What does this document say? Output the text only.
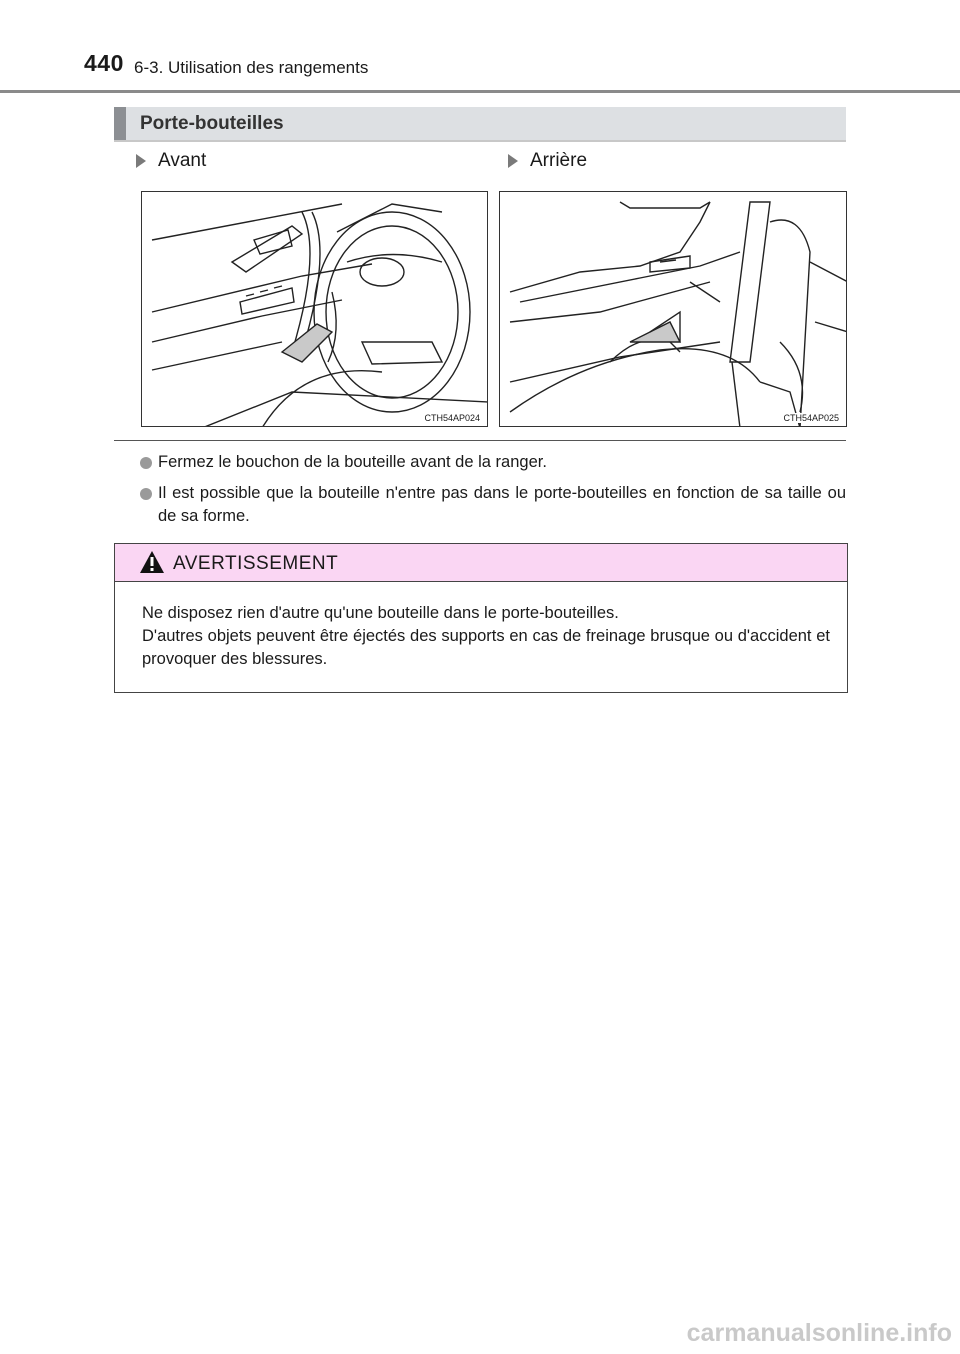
440 6-3. Utilisation des rangements
Porte-bouteilles
Avant	Arrière
CTH54AP024	CTH54AP025
Fermez le bouchon de la bouteille avant de la ranger.
Il est possible que la bouteille n'entre pas dans le porte-bouteilles en fonction de sa taille ou de sa forme.
AVERTISSEMENT

Ne disposez rien d'autre qu'une bouteille dans le porte-bouteilles.

D'autres objets peuvent être éjectés des supports en cas de freinage brusque ou d'accident et provoquer des blessures.

carmanualsonline.info
